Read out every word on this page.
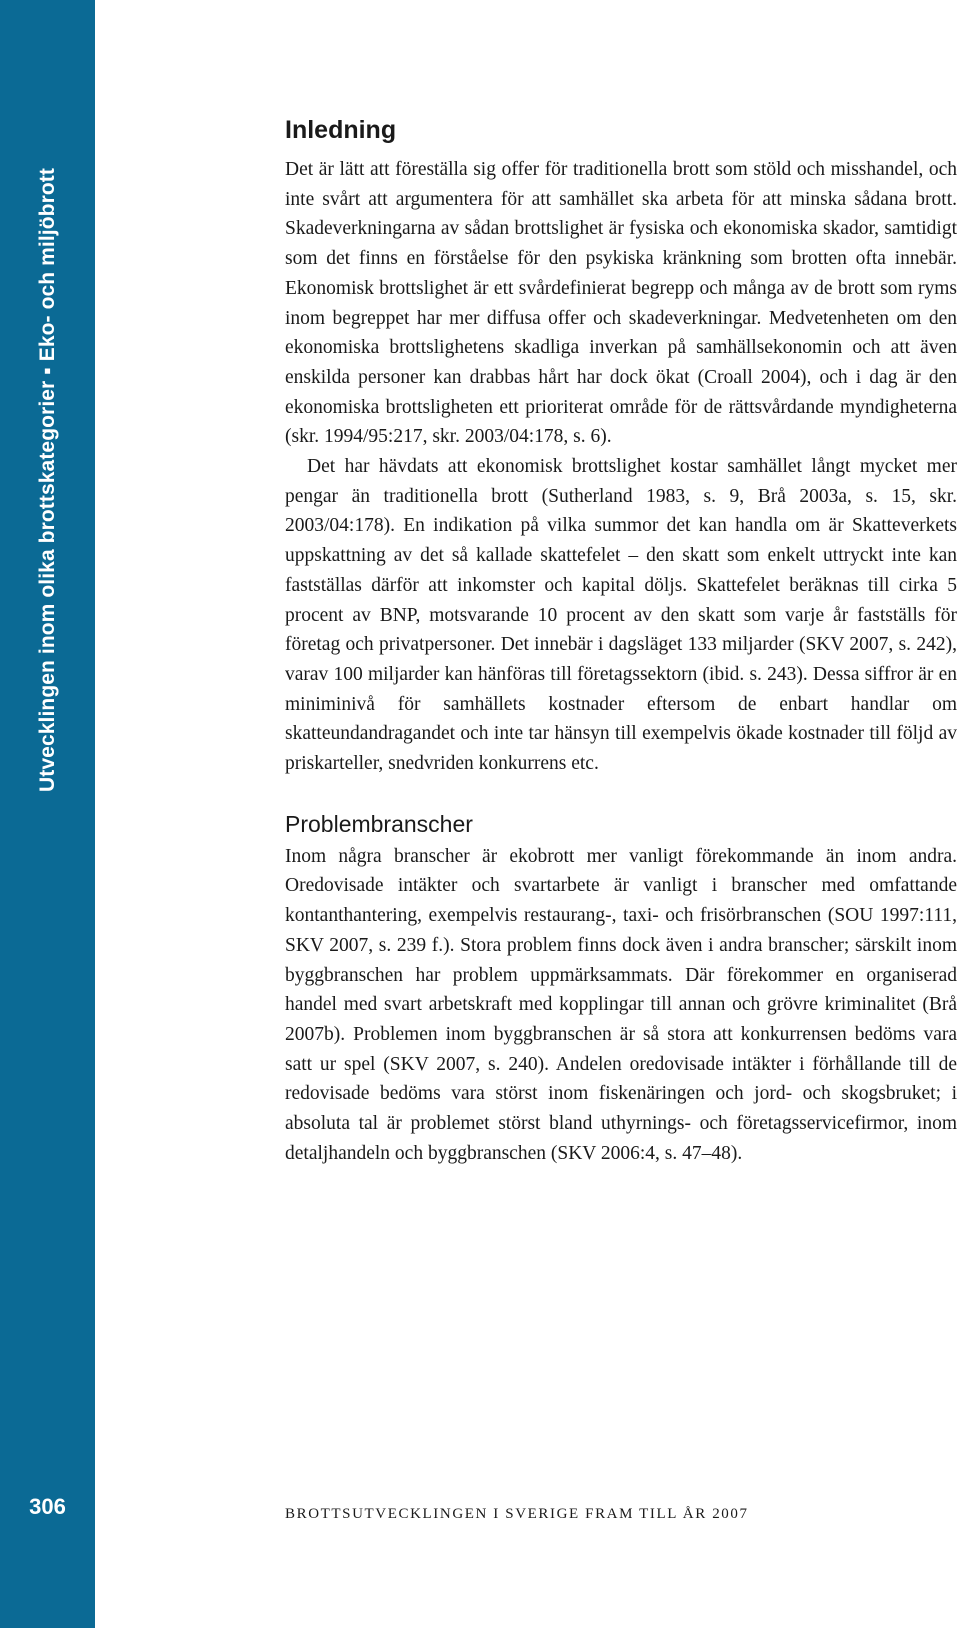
Utvecklingen inom olika brottskategorier ▪ Eko- och miljöbrott
306
Inledning

Det är lätt att föreställa sig offer för traditionella brott som stöld och misshandel, och inte svårt att argumentera för att samhället ska arbeta för att minska sådana brott. Skadeverkningarna av sådan brottslighet är fysiska och ekonomiska skador, samtidigt som det finns en förståelse för den psykiska kränkning som brotten ofta innebär. Ekonomisk brottslighet är ett svårdefinierat begrepp och många av de brott som ryms inom begreppet har mer diffusa offer och skadeverkningar. Medvetenheten om den ekonomiska brottslighetens skadliga inverkan på samhällsekonomin och att även enskilda personer kan drabbas hårt har dock ökat (Croall 2004), och i dag är den ekonomiska brottsligheten ett prioriterat område för de rättsvårdande myndigheterna (skr. 1994/95:217, skr. 2003/04:178, s. 6).

Det har hävdats att ekonomisk brottslighet kostar samhället långt mycket mer pengar än traditionella brott (Sutherland 1983, s. 9, Brå 2003a, s. 15, skr. 2003/04:178). En indikation på vilka summor det kan handla om är Skatteverkets uppskattning av det så kallade skattefelet – den skatt som enkelt uttryckt inte kan fastställas därför att inkomster och kapital döljs. Skattefelet beräknas till cirka 5 procent av BNP, motsvarande 10 procent av den skatt som varje år fastställs för företag och privatpersoner. Det innebär i dagsläget 133 miljarder (SKV 2007, s. 242), varav 100 miljarder kan hänföras till företagssektorn (ibid. s. 243). Dessa siffror är en miniminivå för samhällets kostnader eftersom de enbart handlar om skatteundandragandet och inte tar hänsyn till exempelvis ökade kostnader till följd av priskarteller, snedvriden konkurrens etc.

Problembranscher

Inom några branscher är ekobrott mer vanligt förekommande än inom andra. Oredovisade intäkter och svartarbete är vanligt i branscher med omfattande kontanthantering, exempelvis restaurang-, taxi- och frisörbranschen (SOU 1997:111, SKV 2007, s. 239 f.). Stora problem finns dock även i andra branscher; särskilt inom byggbranschen har problem uppmärksammats. Där förekommer en organiserad handel med svart arbetskraft med kopplingar till annan och grövre kriminalitet (Brå 2007b). Problemen inom byggbranschen är så stora att konkurrensen bedöms vara satt ur spel (SKV 2007, s. 240). Andelen oredovisade intäkter i förhållande till de redovisade bedöms vara störst inom fiskenäringen och jord- och skogsbruket; i absoluta tal är problemet störst bland uthyrnings- och företagsservicefirmor, inom detaljhandeln och byggbranschen (SKV 2006:4, s. 47–48).

BROTTSUTVECKLINGEN I SVERIGE FRAM TILL ÅR 2007
